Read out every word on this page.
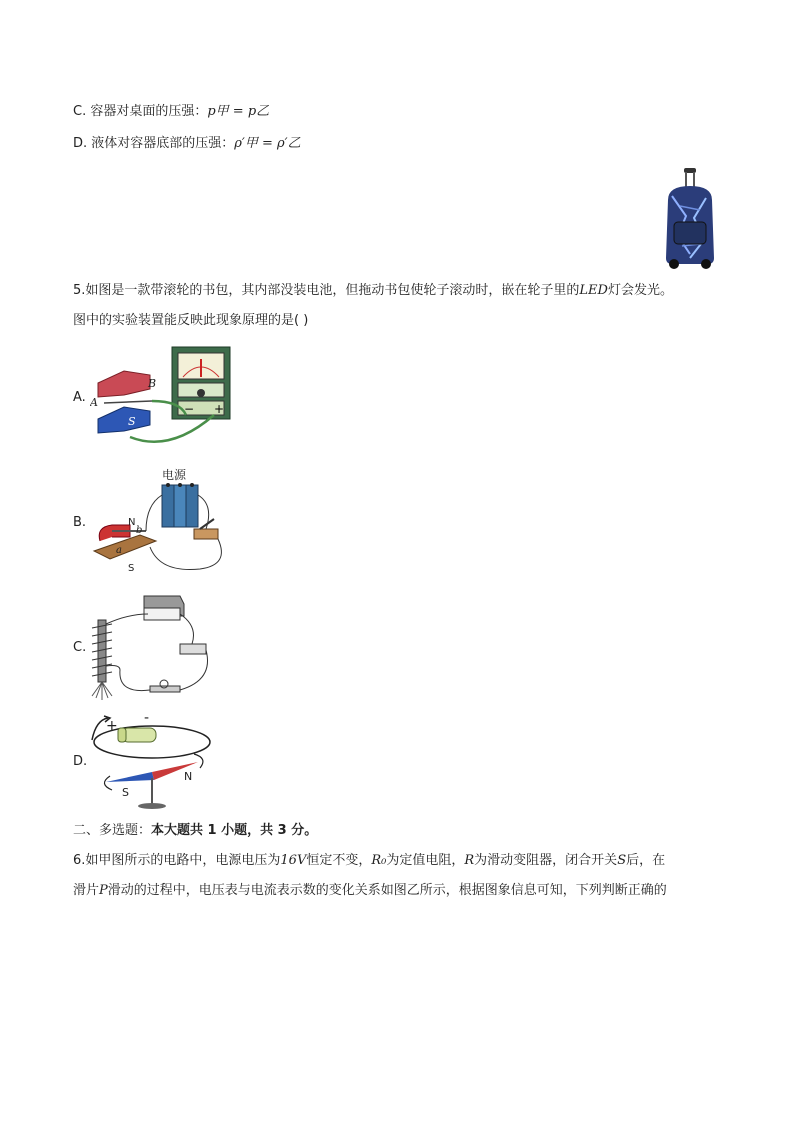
C. 容器对桌面的压强：p甲 = p乙
D. 液体对容器底部的压强：ρ′甲 = ρ′乙
5.如图是一款带滚轮的书包，其内部没装电池，但拖动书包使轮子滚动时，嵌在轮子里的LED灯会发光。
图中的实验装置能反映此现象原理的是( )
A.
− +
B
A
S
B.
电源
N
b
a
S
C.
D.
+ -
S
N
二、多选题：本大题共 1 小题，共 3 分。
6.如甲图所示的电路中，电源电压为16V恒定不变，R₀为定值电阻，R为滑动变阻器，闭合开关S后，在
滑片P滑动的过程中，电压表与电流表示数的变化关系如图乙所示，根据图象信息可知，下列判断正确的
